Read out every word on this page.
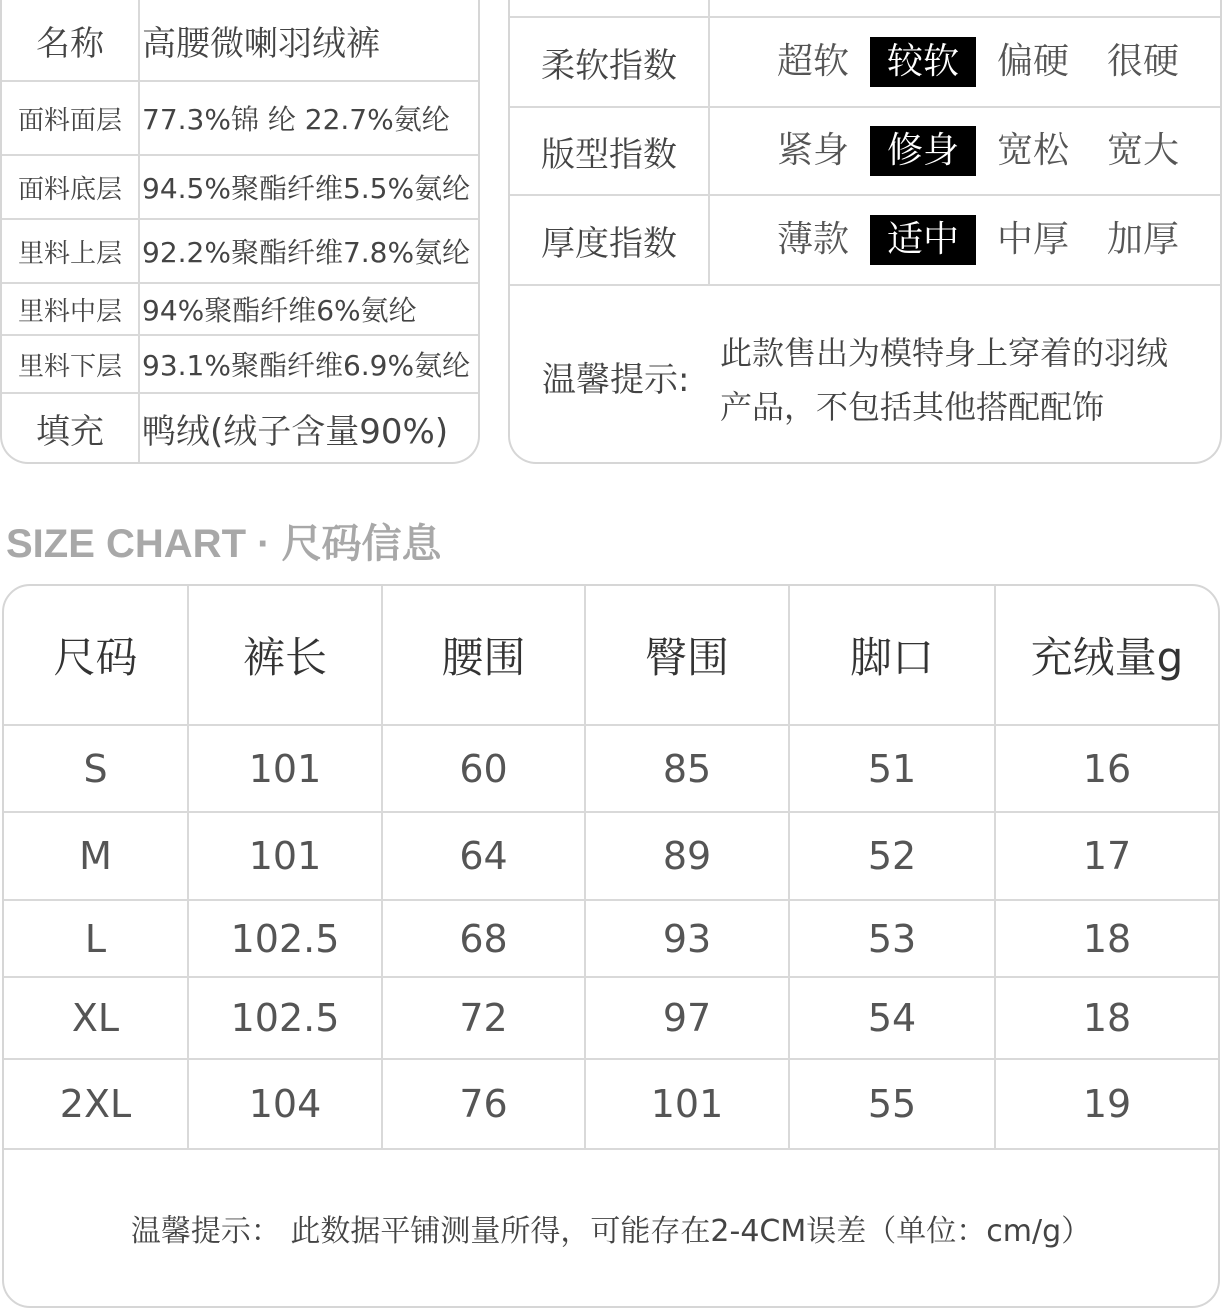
名称	高腰微喇羽绒裤
面料面层 77.3%锦 纶 22.7%氨纶
面料底层 94.5%聚酯纤维5.5%氨纶
里料上层 92.2%聚酯纤维7.8%氨纶
里料中层 94%聚酯纤维6%氨纶
里料下层 93.1%聚酯纤维6.9%氨纶
填充	鸭绒(绒子含量90%)
柔软指数	超软	较软	偏硬	很硬
版型指数	紧身	修身	宽松	宽大
厚度指数	薄款	适中	中厚	加厚
温馨提示:
此款售出为模特身上穿着的羽绒产品，不包括其他搭配配饰
SIZE CHART · 尺码信息
尺码	裤长	腰围	臀围	脚口	充绒量g
S	101	60	85	51	16
M	101	64	89	52	17
L	102.5	68	93	53	18
XL	102.5	72	97	54	18
2XL	104	76	101	55	19
温馨提示： 此数据平铺测量所得，可能存在2-4CM误差（单位：cm/g）
